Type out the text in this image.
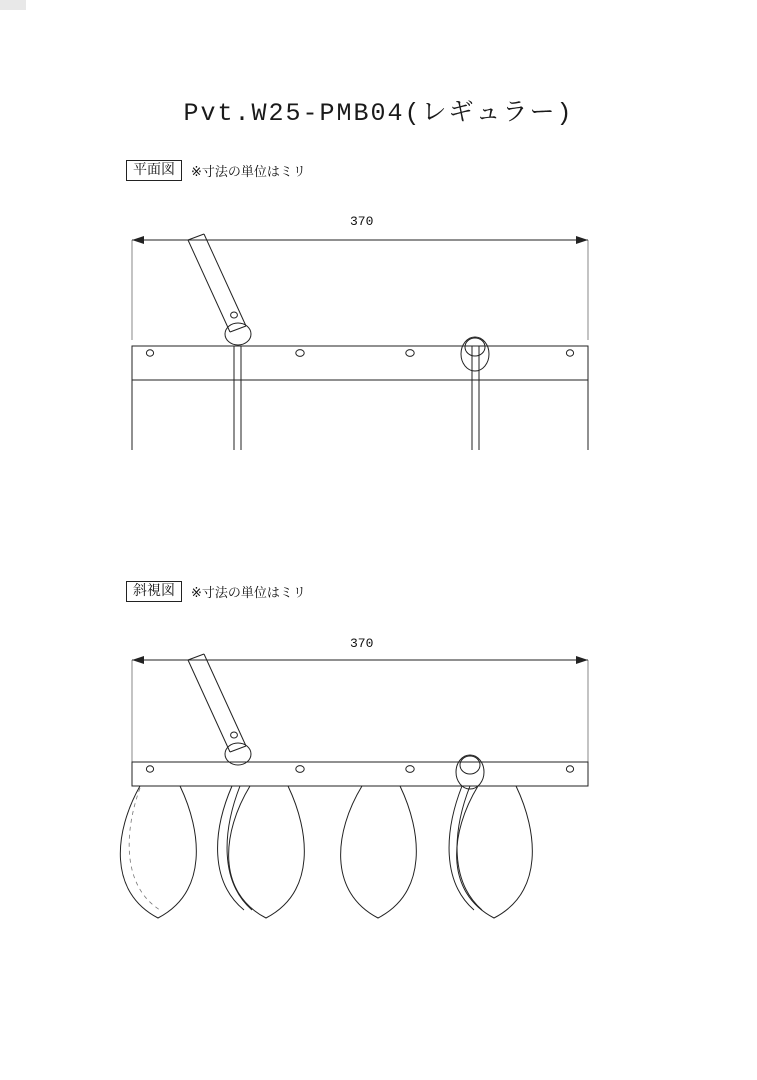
Pvt.W25-PMB04(レギュラー)
平面図	※寸法の単位はミリ
370
斜視図	※寸法の単位はミリ
370
